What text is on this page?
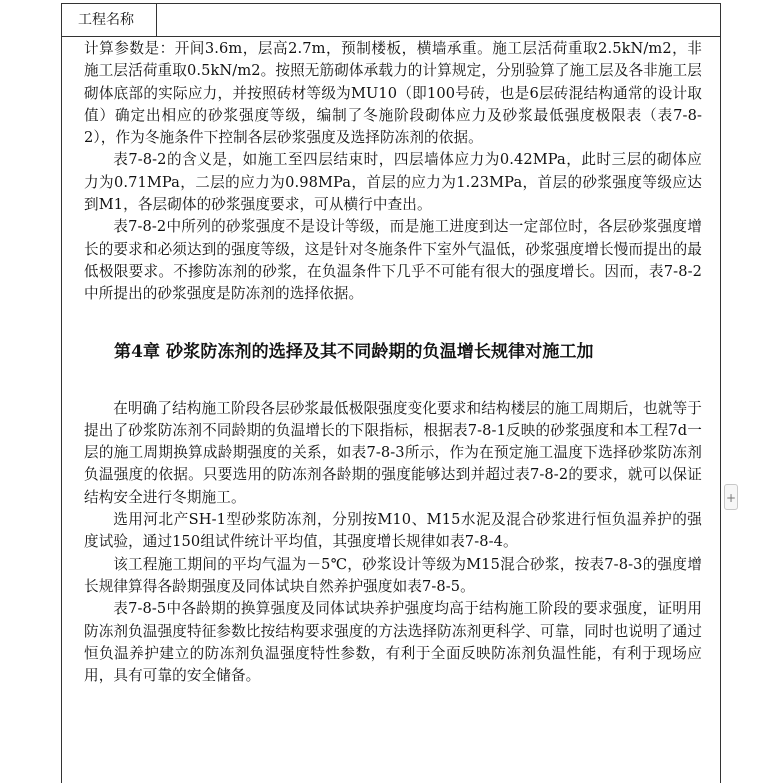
工程名称

计算参数是：开间3.6m，层高2.7m，预制楼板，横墙承重。施工层活荷重取2.5kN/m2，非施工层活荷重取0.5kN/m2。按照无筋砌体承载力的计算规定，分别验算了施工层及各非施工层砌体底部的实际应力，并按照砖材等级为MU10（即100号砖，也是6层砖混结构通常的设计取值）确定出相应的砂浆强度等级，编制了冬施阶段砌体应力及砂浆最低强度极限表（表7-8-2），作为冬施条件下控制各层砂浆强度及选择防冻剂的依据。

表7-8-2的含义是，如施工至四层结束时，四层墙体应力为0.42MPa，此时三层的砌体应力为0.71MPa，二层的应力为0.98MPa，首层的应力为1.23MPa，首层的砂浆强度等级应达到M1，各层砌体的砂浆强度要求，可从横行中查出。

表7-8-2中所列的砂浆强度不是设计等级，而是施工进度到达一定部位时，各层砂浆强度增长的要求和必须达到的强度等级，这是针对冬施条件下室外气温低，砂浆强度增长慢而提出的最低极限要求。不掺防冻剂的砂浆，在负温条件下几乎不可能有很大的强度增长。因而，表7-8-2中所提出的砂浆强度是防冻剂的选择依据。

第4章 砂浆防冻剂的选择及其不同龄期的负温增长规律对施工加

在明确了结构施工阶段各层砂浆最低极限强度变化要求和结构楼层的施工周期后，也就等于提出了砂浆防冻剂不同龄期的负温增长的下限指标，根据表7-8-1反映的砂浆强度和本工程7d一层的施工周期换算成龄期强度的关系，如表7-8-3所示，作为在预定施工温度下选择砂浆防冻剂负温强度的依据。只要选用的防冻剂各龄期的强度能够达到并超过表7-8-2的要求，就可以保证结构安全进行冬期施工。

选用河北产SH-1型砂浆防冻剂，分别按M10、M15水泥及混合砂浆进行恒负温养护的强度试验，通过150组试件统计平均值，其强度增长规律如表7-8-4。

该工程施工期间的平均气温为－5℃，砂浆设计等级为M15混合砂浆，按表7-8-3的强度增长规律算得各龄期强度及同体试块自然养护强度如表7-8-5。

表7-8-5中各龄期的换算强度及同体试块养护强度均高于结构施工阶段的要求强度，证明用防冻剂负温强度特征参数比按结构要求强度的方法选择防冻剂更科学、可靠，同时也说明了通过恒负温养护建立的防冻剂负温强度特性参数，有利于全面反映防冻剂负温性能，有利于现场应用，具有可靠的安全储备。

+
